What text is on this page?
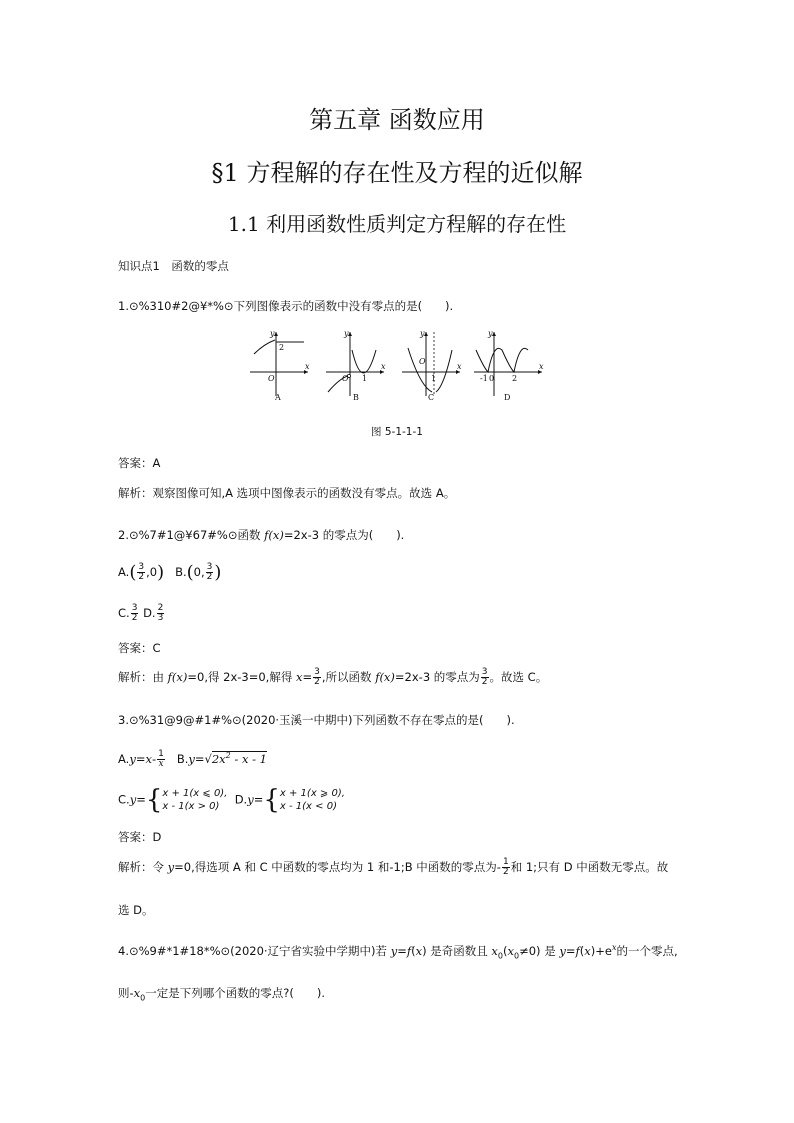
第五章 函数应用
§1 方程解的存在性及方程的近似解
1.1 利用函数性质判定方程解的存在性
知识点1　函数的零点
1.⊙%310#2@¥*%⊙下列图像表示的函数中没有零点的是(　　).
y
x
O
2
A
y
x
O 1
B
y
x
O
1
C
y
x
-1 0 2
D
图 5-1-1-1
答案：A
解析：观察图像可知,A 选项中图像表示的函数没有零点。故选 A。
2.⊙%7#1@¥67#%⊙函数 f(x)=2x-3 的零点为(　　).
$A.( \frac{3}{2} ,0)$ B.(0, $\frac{3}{2}$ )
C. $\frac{3}{2} D$. $\frac{2}{3}$
答案：C
解析：由 f(x)=0,得 2x-3=0,解得 $x= \frac{3}{2}$ ,所以函数 f(x)=2x-3 的零点为 $\frac{3}{2}$ 。故选 C。
3.⊙%31@9@#1#%⊙(2020·玉溪一中期中)下列函数不存在零点的是(　　).
$A.y=x- \frac{1}{x} B.y=√2x^2 - x - 1$
C.y={ x + 1(x ⩽ 0),
x - 1(x > 0)	D.y={ x + 1(x ⩾ 0),
x - 1(x < 0)
答案：D
解析：令 y=0,得选项 A 和 C 中函数的零点均为 1 和-1;B 中函数的零点为- $\frac{1}{2}$ 和 1;只有 D 中函数无零点。故
选 D。
4.⊙%9#*1#18*%⊙(2020·辽宁省实验中学期中)若 y=f(x) 是奇函数且 $x_0(x_0\ne 0)$ 是 $y=f(x)+e^x$的一个零点,
则$-x_0$一定是下列哪个函数的零点?(　　).
